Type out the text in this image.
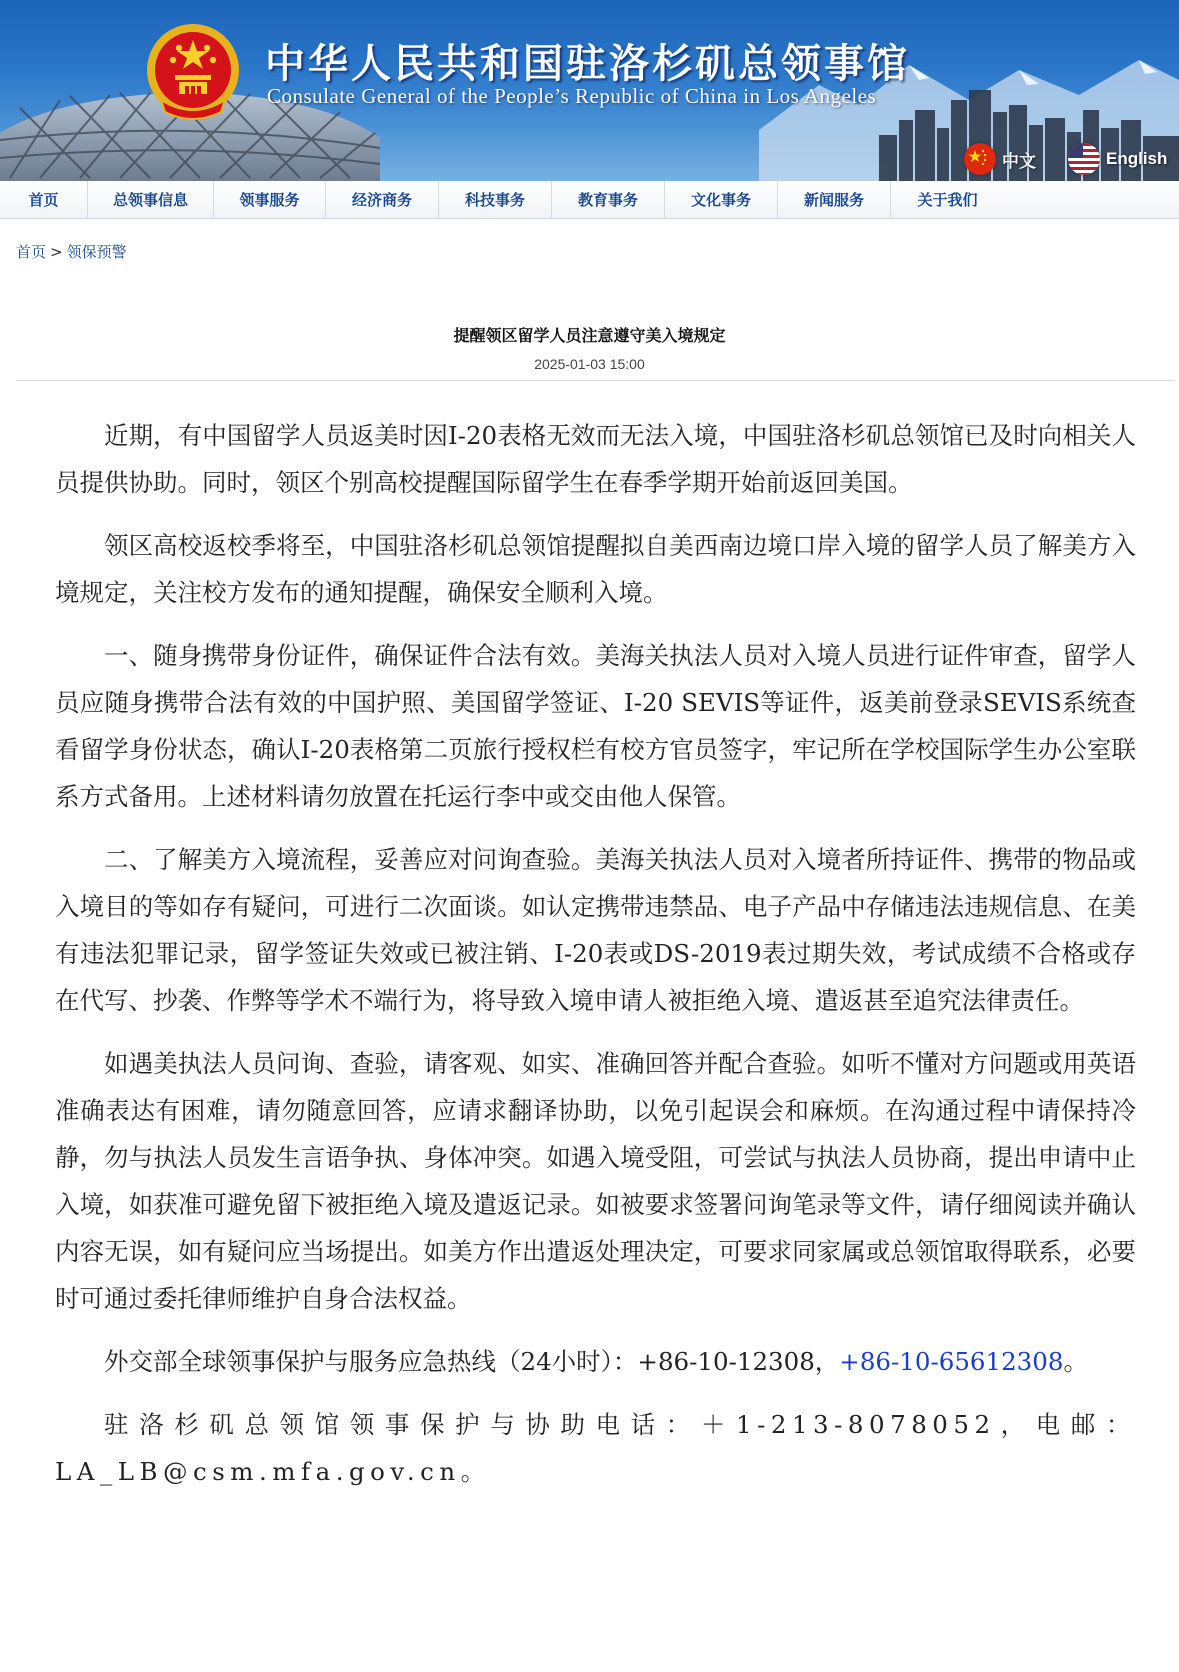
中华人民共和国驻洛杉矶总领事馆
Consulate General of the People’s Republic of China in Los Angeles
中文	English
首页	总领事信息	领事服务	经济商务	科技事务	教育事务	文化事务	新闻服务	关于我们
首页 > 领保预警
提醒领区留学人员注意遵守美入境规定
2025-01-03 15:00

近期，有中国留学人员返美时因I-20表格无效而无法入境，中国驻洛杉矶总领馆已及时向相关人员提供协助。同时，领区个别高校提醒国际留学生在春季学期开始前返回美国。

领区高校返校季将至，中国驻洛杉矶总领馆提醒拟自美西南边境口岸入境的留学人员了解美方入境规定，关注校方发布的通知提醒，确保安全顺利入境。

一、随身携带身份证件，确保证件合法有效。美海关执法人员对入境人员进行证件审查，留学人员应随身携带合法有效的中国护照、美国留学签证、I-20 SEVIS等证件，返美前登录SEVIS系统查看留学身份状态，确认I-20表格第二页旅行授权栏有校方官员签字，牢记所在学校国际学生办公室联系方式备用。上述材料请勿放置在托运行李中或交由他人保管。

二、了解美方入境流程，妥善应对问询查验。美海关执法人员对入境者所持证件、携带的物品或入境目的等如存有疑问，可进行二次面谈。如认定携带违禁品、电子产品中存储违法违规信息、在美有违法犯罪记录，留学签证失效或已被注销、I-20表或DS-2019表过期失效，考试成绩不合格或存在代写、抄袭、作弊等学术不端行为，将导致入境申请人被拒绝入境、遣返甚至追究法律责任。

如遇美执法人员问询、查验，请客观、如实、准确回答并配合查验。如听不懂对方问题或用英语准确表达有困难，请勿随意回答，应请求翻译协助，以免引起误会和麻烦。在沟通过程中请保持冷静，勿与执法人员发生言语争执、身体冲突。如遇入境受阻，可尝试与执法人员协商，提出申请中止入境，如获准可避免留下被拒绝入境及遣返记录。如被要求签署问询笔录等文件，请仔细阅读并确认内容无误，如有疑问应当场提出。如美方作出遣返处理决定，可要求同家属或总领馆取得联系，必要时可通过委托律师维护自身合法权益。

外交部全球领事保护与服务应急热线（24小时）：+86-10-12308，+86-10-65612308。

驻洛杉矶总领馆领事保护与协助电话：＋1-213-8078052，电邮：LA_LB@csm.mfa.gov.cn。
